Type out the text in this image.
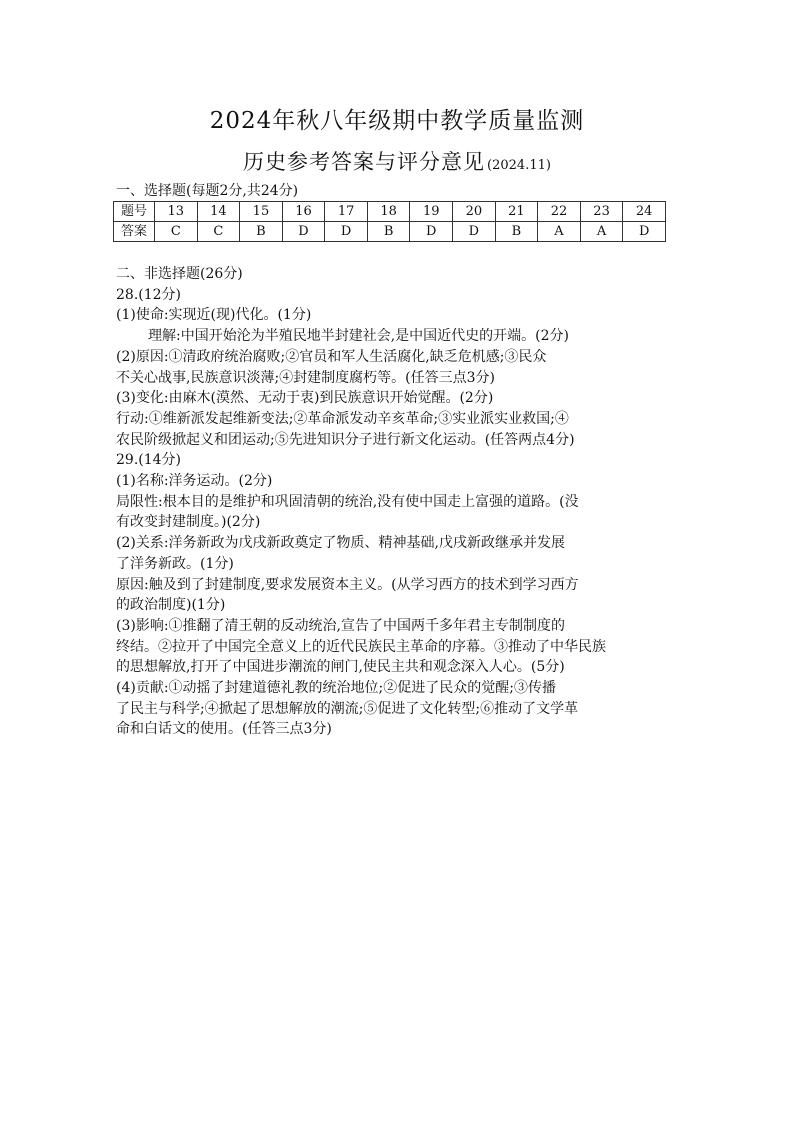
2024年秋八年级期中教学质量监测
历史参考答案与评分意见 (2024.11)
一、选择题(每题2分,共24分)
题号	13	14	15	16	17	18	19	20	21	22	23	24
答案	C	C	B	D	D	B	D	D	B	A	A	D

二、非选择题(26分)

28.(12分)

(1)使命:实现近(现)代化。(1分)

理解:中国开始沦为半殖民地半封建社会,是中国近代史的开端。(2分)

(2)原因:①清政府统治腐败;②官员和军人生活腐化,缺乏危机感;③民众

不关心战事,民族意识淡薄;④封建制度腐朽等。(任答三点3分)

(3)变化:由麻木(漠然、无动于衷)到民族意识开始觉醒。(2分)

行动:①维新派发起维新变法;②革命派发动辛亥革命;③实业派实业救国;④

农民阶级掀起义和团运动;⑤先进知识分子进行新文化运动。(任答两点4分)

29.(14分)

(1)名称:洋务运动。(2分)

局限性:根本目的是维护和巩固清朝的统治,没有使中国走上富强的道路。(没

有改变封建制度。)(2分)

(2)关系:洋务新政为戊戌新政奠定了物质、精神基础,戊戌新政继承并发展

了洋务新政。(1分)

原因:触及到了封建制度,要求发展资本主义。(从学习西方的技术到学习西方

的政治制度)(1分)

(3)影响:①推翻了清王朝的反动统治,宣告了中国两千多年君主专制制度的

终结。②拉开了中国完全意义上的近代民族民主革命的序幕。③推动了中华民族

的思想解放,打开了中国进步潮流的闸门,使民主共和观念深入人心。(5分)

(4)贡献:①动摇了封建道德礼教的统治地位;②促进了民众的觉醒;③传播

了民主与科学;④掀起了思想解放的潮流;⑤促进了文化转型;⑥推动了文学革

命和白话文的使用。(任答三点3分)
